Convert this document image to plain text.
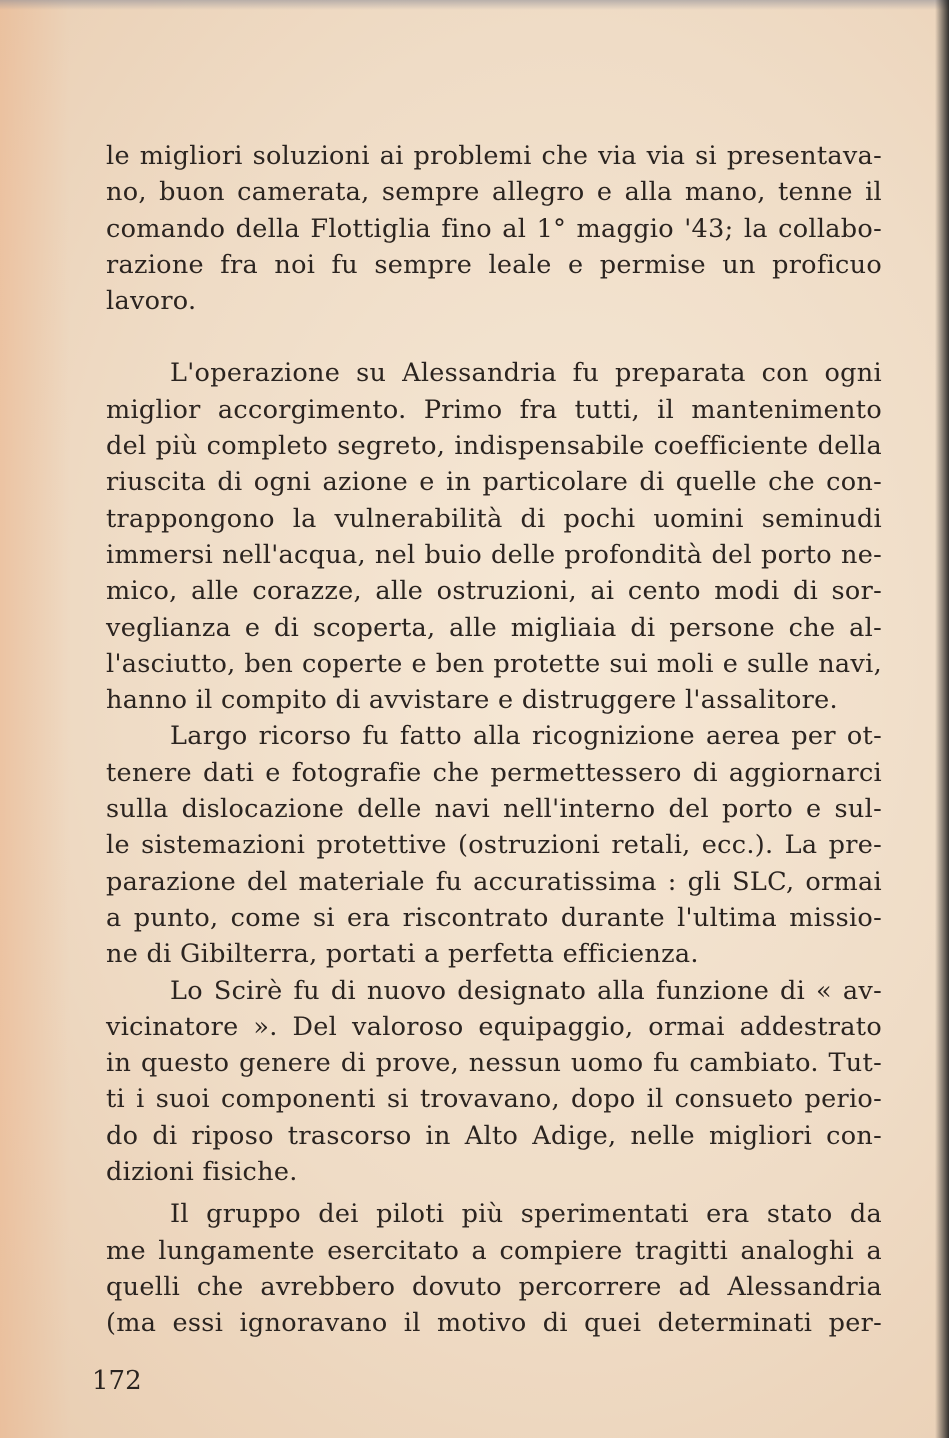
le migliori soluzioni ai problemi che via via si presentava-
no, buon camerata, sempre allegro e alla mano, tenne il
comando della Flottiglia fino al 1° maggio '43; la collabo-
razione fra noi fu sempre leale e permise un proficuo
lavoro.
L'operazione su Alessandria fu preparata con ogni
miglior accorgimento. Primo fra tutti, il mantenimento
del più completo segreto, indispensabile coefficiente della
riuscita di ogni azione e in particolare di quelle che con-
trappongono la vulnerabilità di pochi uomini seminudi
immersi nell'acqua, nel buio delle profondità del porto ne-
mico, alle corazze, alle ostruzioni, ai cento modi di sor-
veglianza e di scoperta, alle migliaia di persone che al-
l'asciutto, ben coperte e ben protette sui moli e sulle navi,
hanno il compito di avvistare e distruggere l'assalitore.
Largo ricorso fu fatto alla ricognizione aerea per ot-
tenere dati e fotografie che permettessero di aggiornarci
sulla dislocazione delle navi nell'interno del porto e sul-
le sistemazioni protettive (ostruzioni retali, ecc.). La pre-
parazione del materiale fu accuratissima : gli SLC, ormai
a punto, come si era riscontrato durante l'ultima missio-
ne di Gibilterra, portati a perfetta efficienza.
Lo Scirè fu di nuovo designato alla funzione di « av-
vicinatore ». Del valoroso equipaggio, ormai addestrato
in questo genere di prove, nessun uomo fu cambiato. Tut-
ti i suoi componenti si trovavano, dopo il consueto perio-
do di riposo trascorso in Alto Adige, nelle migliori con-
dizioni fisiche.
Il gruppo dei piloti più sperimentati era stato da
me lungamente esercitato a compiere tragitti analoghi a
quelli che avrebbero dovuto percorrere ad Alessandria
(ma essi ignoravano il motivo di quei determinati per-
172
